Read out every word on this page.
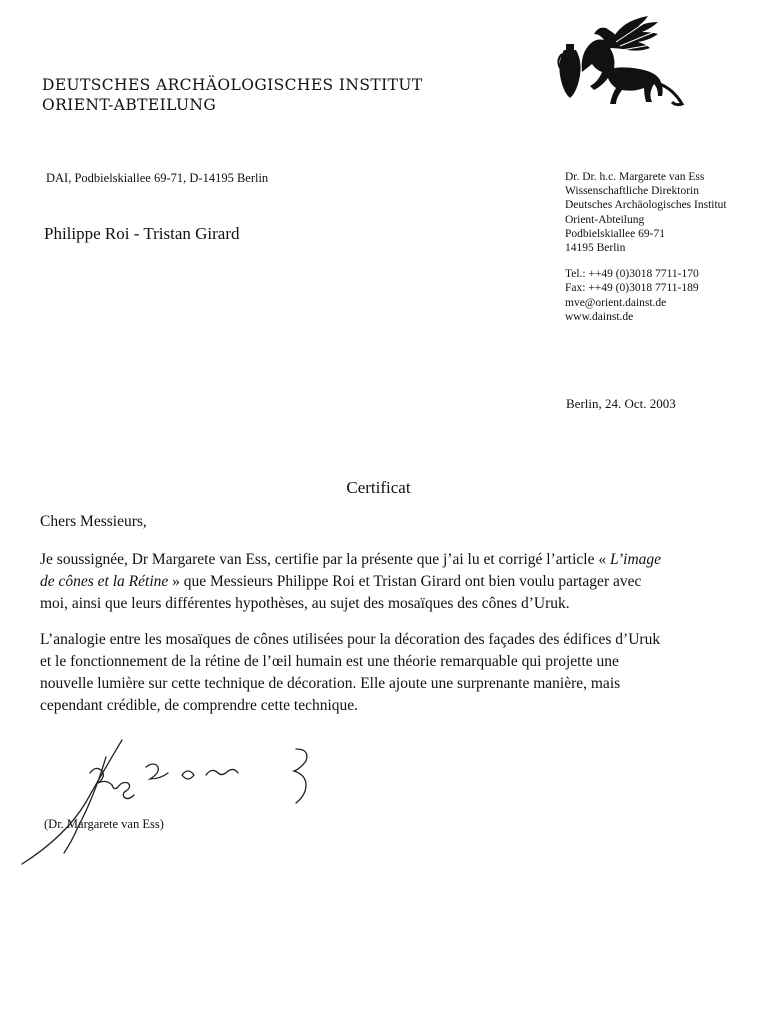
DEUTSCHES ARCHÄOLOGISCHES INSTITUT
ORIENT-ABTEILUNG
DAI, Podbielskiallee 69-71, D-14195 Berlin
Philippe Roi - Tristan Girard
Dr. Dr. h.c. Margarete van Ess
Wissenschaftliche Direktorin
Deutsches Archäologisches Institut
Orient-Abteilung
Podbielskiallee 69-71
14195 Berlin
Tel.: ++49 (0)3018 7711-170
Fax: ++49 (0)3018 7711-189
mve@orient.dainst.de
www.dainst.de
Berlin, 24. Oct. 2003
Certificat
Chers Messieurs,
Je soussignée, Dr Margarete van Ess, certifie par la présente que j’ai lu et corrigé l’article « L’image
de cônes et la Rétine » que Messieurs Philippe Roi et Tristan Girard ont bien voulu partager avec
moi, ainsi que leurs différentes hypothèses, au sujet des mosaïques des cônes d’Uruk.
L’analogie entre les mosaïques de cônes utilisées pour la décoration des façades des édifices d’Uruk
et le fonctionnement de la rétine de l’œil humain est une théorie remarquable qui projette une
nouvelle lumière sur cette technique de décoration. Elle ajoute une surprenante manière, mais
cependant crédible, de comprendre cette technique.
(Dr. Margarete van Ess)
